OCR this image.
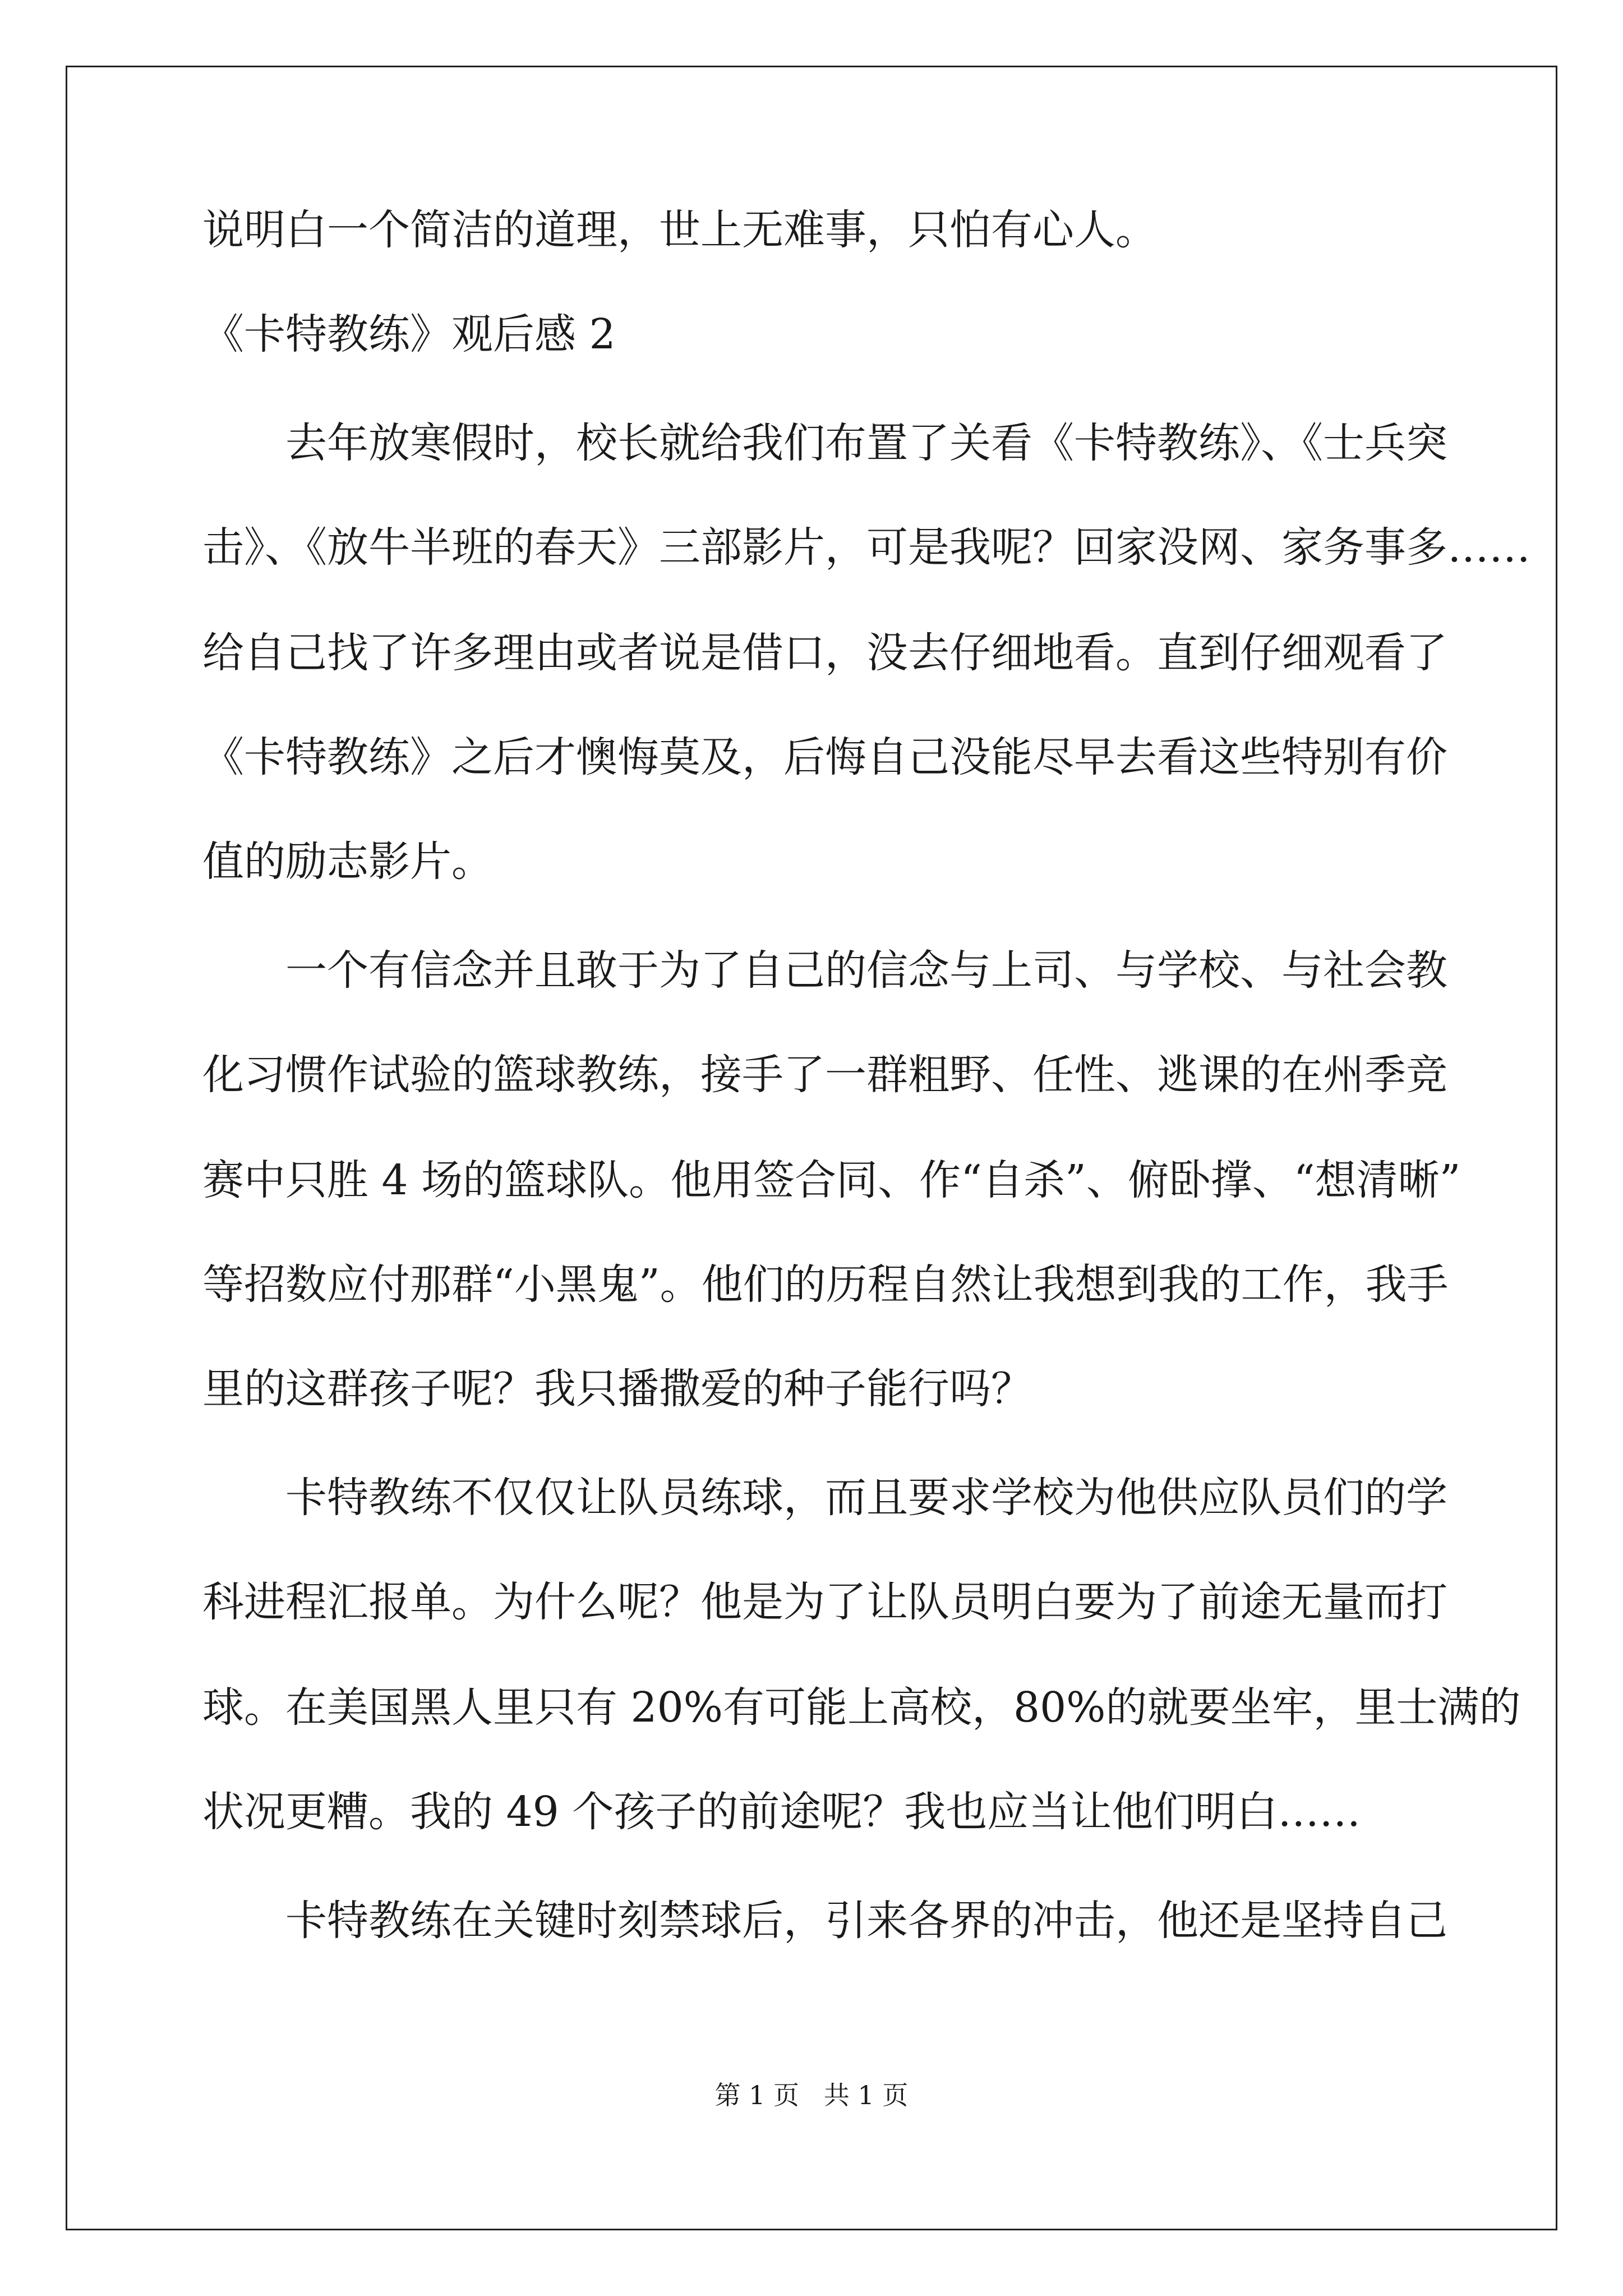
说明白一个简洁的道理，世上无难事，只怕有心人。
《卡特教练》观后感 2
去年放寒假时，校长就给我们布置了关看《卡特教练》、《士兵突
击》、《放牛半班的春天》三部影片，可是我呢？回家没网、家务事多……
给自己找了许多理由或者说是借口，没去仔细地看。直到仔细观看了
《卡特教练》之后才懊悔莫及，后悔自己没能尽早去看这些特别有价
值的励志影片。
一个有信念并且敢于为了自己的信念与上司、与学校、与社会教
化习惯作试验的篮球教练，接手了一群粗野、任性、逃课的在州季竞
赛中只胜 4 场的篮球队。他用签合同、作“自杀”、俯卧撑、“想清晰”
等招数应付那群“小黑鬼”。他们的历程自然让我想到我的工作，我手
里的这群孩子呢？我只播撒爱的种子能行吗？
卡特教练不仅仅让队员练球，而且要求学校为他供应队员们的学
科进程汇报单。为什么呢？他是为了让队员明白要为了前途无量而打
球。在美国黑人里只有 20%有可能上高校，80%的就要坐牢，里士满的
状况更糟。我的 49 个孩子的前途呢？我也应当让他们明白……
卡特教练在关键时刻禁球后，引来各界的冲击，他还是坚持自己
第 1 页   共 1 页
